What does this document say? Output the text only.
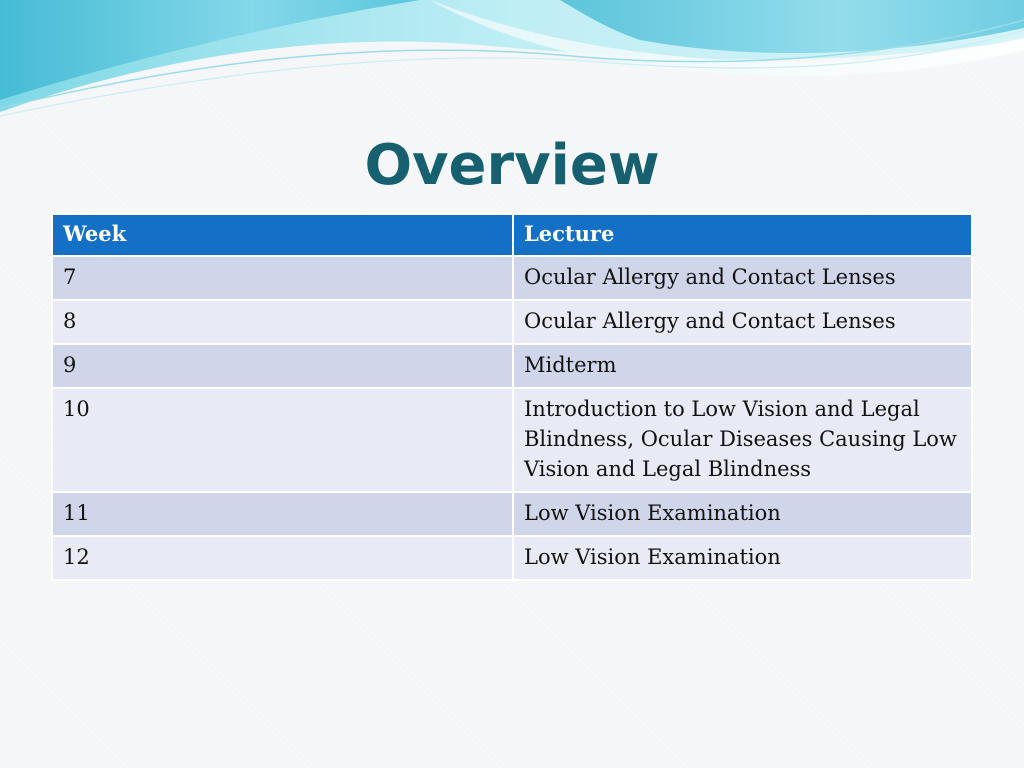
Overview
Week	Lecture
7	Ocular Allergy and Contact Lenses
8	Ocular Allergy and Contact Lenses
9	Midterm
10	Introduction to Low Vision and Legal Blindness, Ocular Diseases Causing Low Vision and Legal Blindness
11	Low Vision Examination
12	Low Vision Examination
